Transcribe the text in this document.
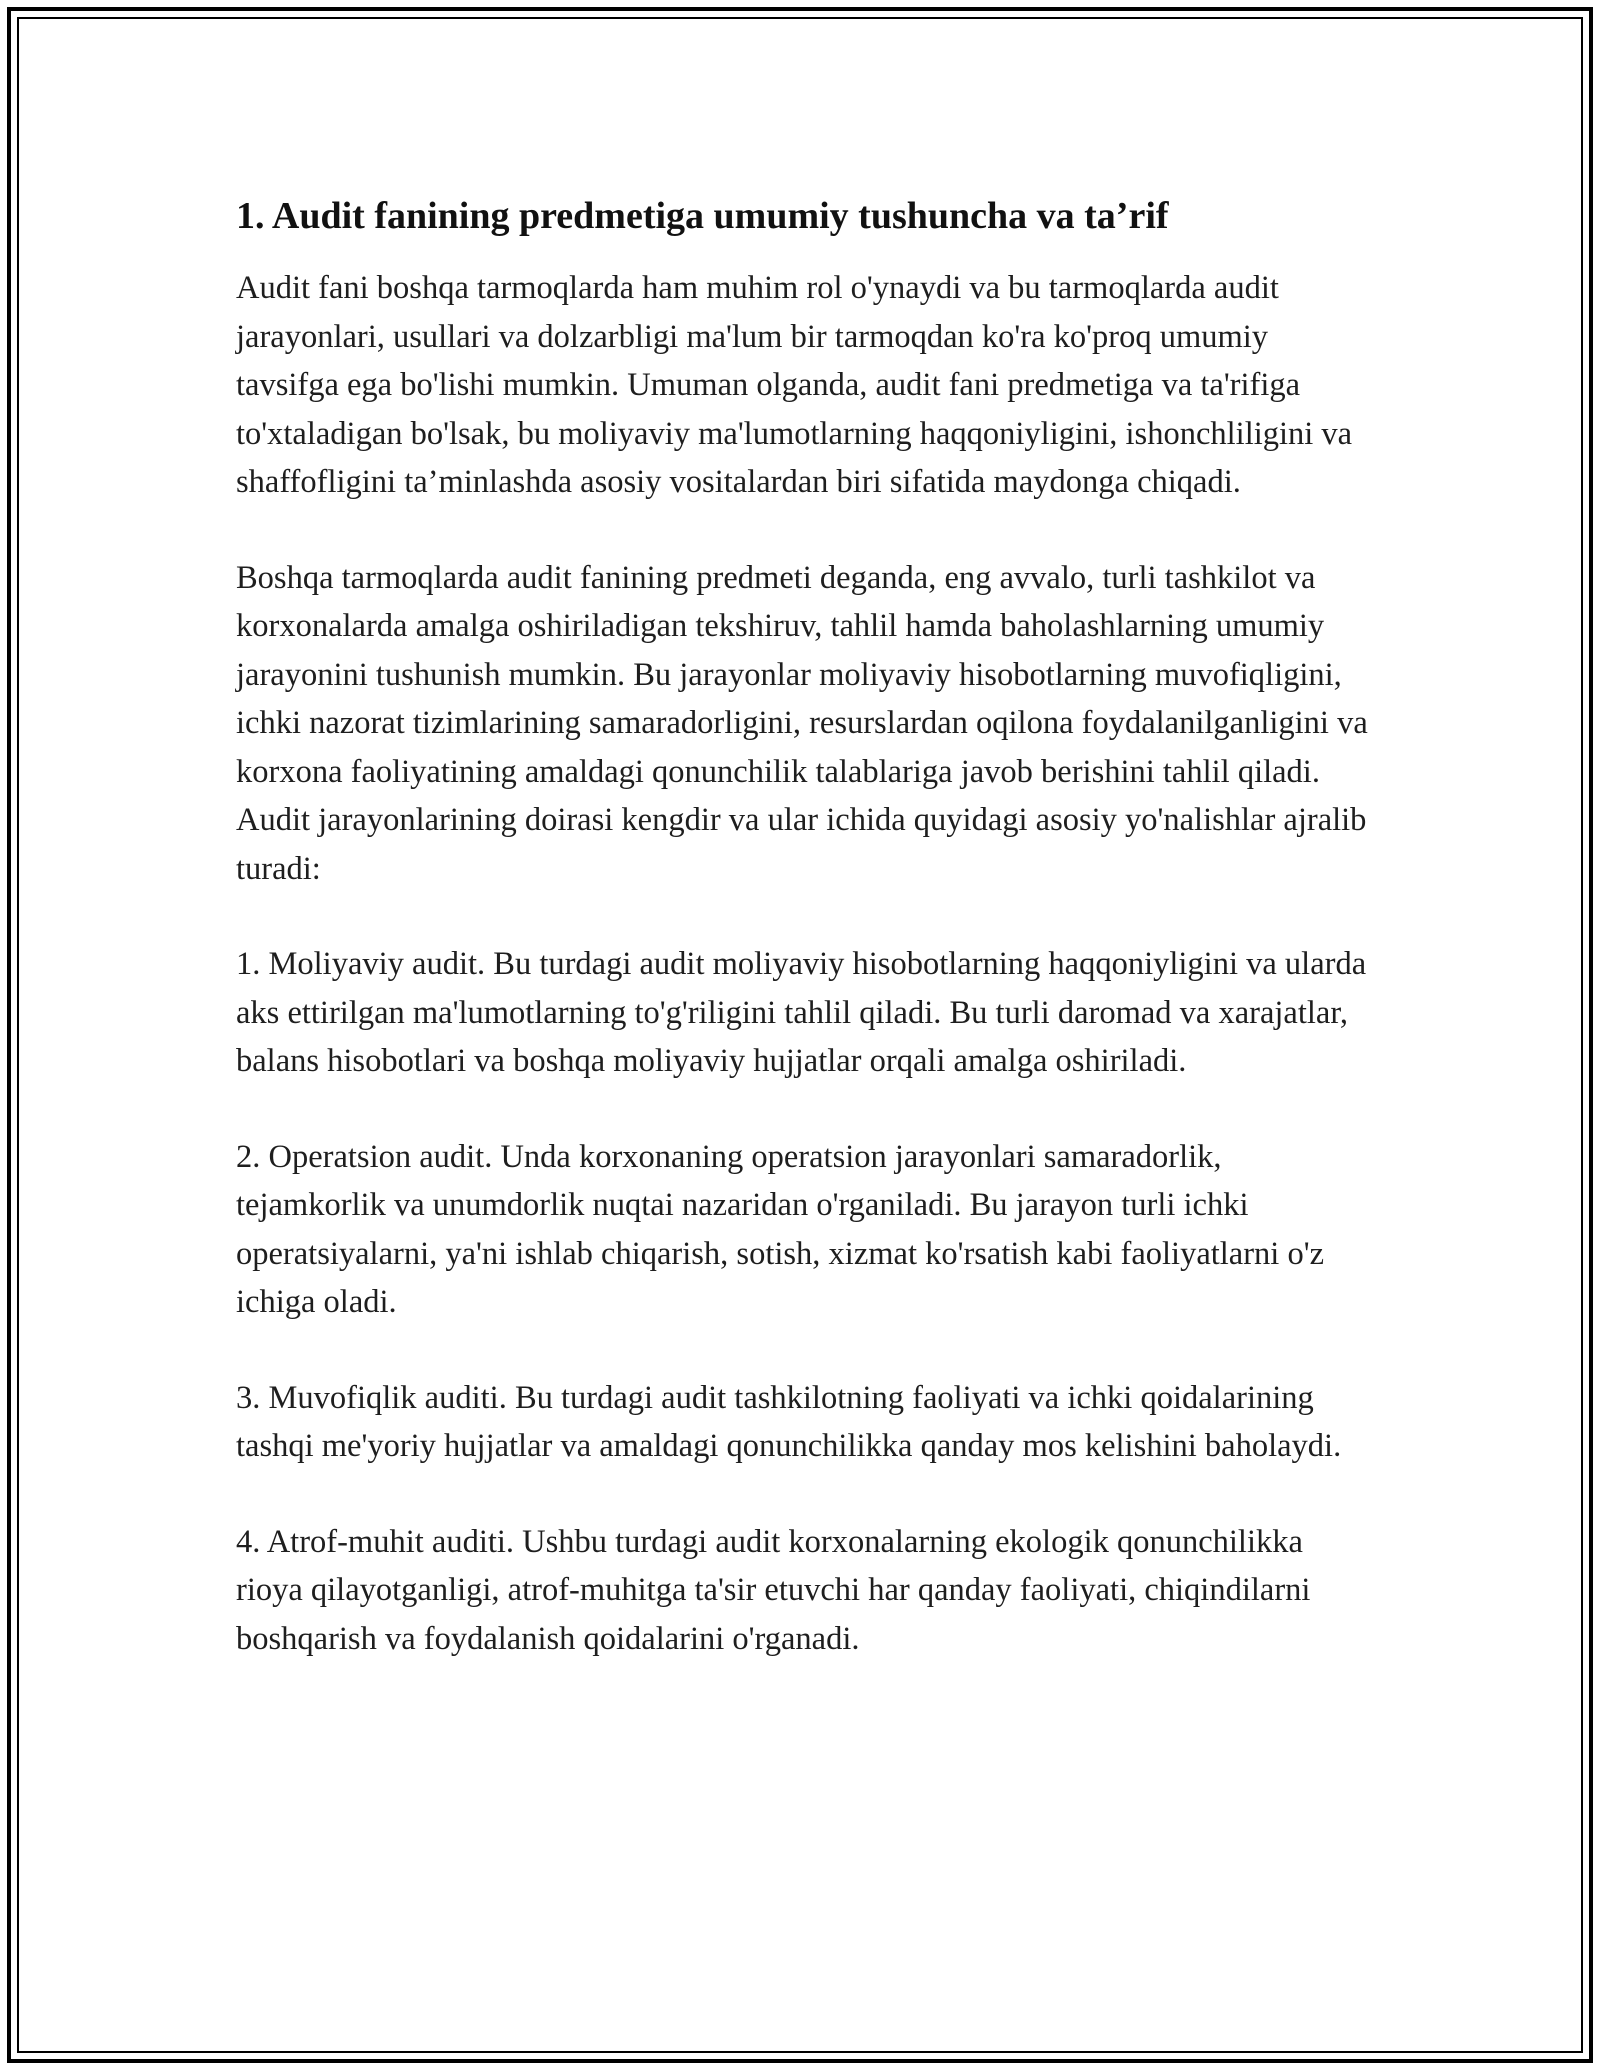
1. Audit fanining predmetiga umumiy tushuncha va ta’rif

Audit fani boshqa tarmoqlarda ham muhim rol o'ynaydi va bu tarmoqlarda audit jarayonlari, usullari va dolzarbligi ma'lum bir tarmoqdan ko'ra ko'proq umumiy tavsifga ega bo'lishi mumkin. Umuman olganda, audit fani predmetiga va ta'rifiga to'xtaladigan bo'lsak, bu moliyaviy ma'lumotlarning haqqoniyligini, ishonchliligini va shaffofligini ta’minlashda asosiy vositalardan biri sifatida maydonga chiqadi.

Boshqa tarmoqlarda audit fanining predmeti deganda, eng avvalo, turli tashkilot va korxonalarda amalga oshiriladigan tekshiruv, tahlil hamda baholashlarning umumiy jarayonini tushunish mumkin. Bu jarayonlar moliyaviy hisobotlarning muvofiqligini, ichki nazorat tizimlarining samaradorligini, resurslardan oqilona foydalanilganligini va korxona faoliyatining amaldagi qonunchilik talablariga javob berishini tahlil qiladi. Audit jarayonlarining doirasi kengdir va ular ichida quyidagi asosiy yo'nalishlar ajralib turadi:

1. Moliyaviy audit. Bu turdagi audit moliyaviy hisobotlarning haqqoniyligini va ularda aks ettirilgan ma'lumotlarning to'g'riligini tahlil qiladi. Bu turli daromad va xarajatlar, balans hisobotlari va boshqa moliyaviy hujjatlar orqali amalga oshiriladi.

2. Operatsion audit. Unda korxonaning operatsion jarayonlari samaradorlik, tejamkorlik va unumdorlik nuqtai nazaridan o'rganiladi. Bu jarayon turli ichki operatsiyalarni, ya'ni ishlab chiqarish, sotish, xizmat ko'rsatish kabi faoliyatlarni o'z ichiga oladi.

3. Muvofiqlik auditi. Bu turdagi audit tashkilotning faoliyati va ichki qoidalarining tashqi me'yoriy hujjatlar va amaldagi qonunchilikka qanday mos kelishini baholaydi.

4. Atrof-muhit auditi. Ushbu turdagi audit korxonalarning ekologik qonunchilikka rioya qilayotganligi, atrof-muhitga ta'sir etuvchi har qanday faoliyati, chiqindilarni boshqarish va foydalanish qoidalarini o'rganadi.
